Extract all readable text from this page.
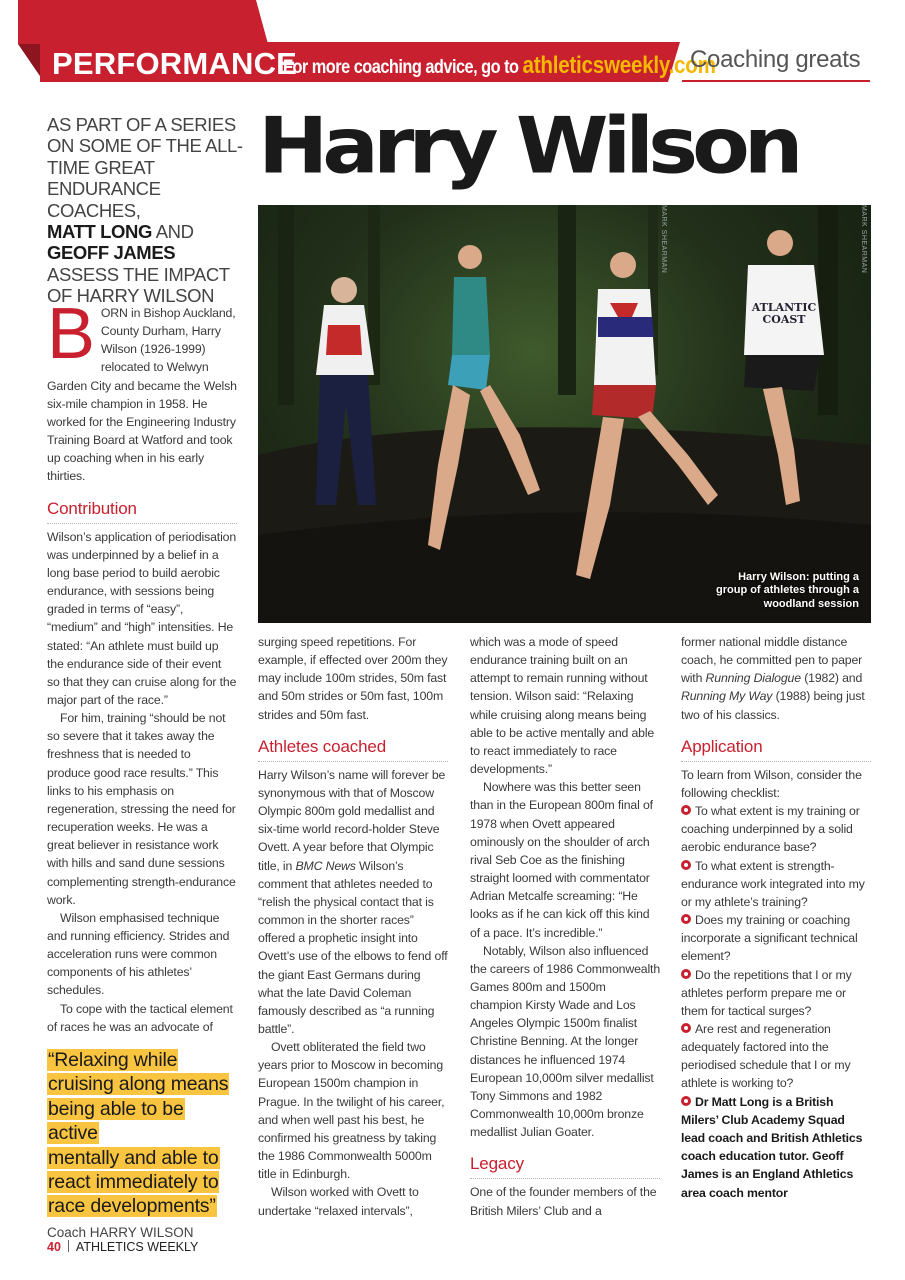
PERFORMANCE
For more coaching advice, go to athleticsweekly.com
Coaching greats
AS PART OF A SERIES ON SOME OF THE ALL-TIME GREAT ENDURANCE COACHES,
MATT LONG AND
GEOFF JAMES
ASSESS THE IMPACT OF HARRY WILSON
Harry Wilson
ATLANTIC
COAST
MARK SHEARMAN	MARK SHEARMAN
Harry Wilson: putting a group of athletes through a woodland session

BORN in Bishop Auckland, County Durham, Harry Wilson (1926-1999) relocated to Welwyn Garden City and became the Welsh six-mile champion in 1958. He worked for the Engineering Industry Training Board at Watford and took up coaching when in his early thirties.

Contribution

Wilson’s application of periodisation was underpinned by a belief in a long base period to build aerobic endurance, with sessions being graded in terms of “easy”, “medium” and “high” intensities. He stated: “An athlete must build up the endurance side of their event so that they can cruise along for the major part of the race.”

For him, training “should be not so severe that it takes away the freshness that is needed to produce good race results.” This links to his emphasis on regeneration, stressing the need for recuperation weeks. He was a great believer in resistance work with hills and sand dune sessions complementing strength-endurance work.

Wilson emphasised technique and running efficiency. Strides and acceleration runs were common components of his athletes’ schedules.

To cope with the tactical element of races he was an advocate of

“Relaxing while
cruising along means
being able to be active
mentally and able to
react immediately to
race developments”
Coach HARRY WILSON

surging speed repetitions. For example, if effected over 200m they may include 100m strides, 50m fast and 50m strides or 50m fast, 100m strides and 50m fast.

Athletes coached

Harry Wilson’s name will forever be synonymous with that of Moscow Olympic 800m gold medallist and six-time world record-holder Steve Ovett. A year before that Olympic title, in BMC News Wilson’s comment that athletes needed to “relish the physical contact that is common in the shorter races” offered a prophetic insight into Ovett’s use of the elbows to fend off the giant East Germans during what the late David Coleman famously described as “a running battle”.

Ovett obliterated the field two years prior to Moscow in becoming European 1500m champion in Prague. In the twilight of his career, and when well past his best, he confirmed his greatness by taking the 1986 Commonwealth 5000m title in Edinburgh.

Wilson worked with Ovett to undertake “relaxed intervals”,

which was a mode of speed endurance training built on an attempt to remain running without tension. Wilson said: “Relaxing while cruising along means being able to be active mentally and able to react immediately to race developments.”

Nowhere was this better seen than in the European 800m final of 1978 when Ovett appeared ominously on the shoulder of arch rival Seb Coe as the finishing straight loomed with commentator Adrian Metcalfe screaming: “He looks as if he can kick off this kind of a pace. It’s incredible.”

Notably, Wilson also influenced the careers of 1986 Commonwealth Games 800m and 1500m champion Kirsty Wade and Los Angeles Olympic 1500m finalist Christine Benning. At the longer distances he influenced 1974 European 10,000m silver medallist Tony Simmons and 1982 Commonwealth 10,000m bronze medallist Julian Goater.

Legacy

One of the founder members of the British Milers’ Club and a

former national middle distance coach, he committed pen to paper with Running Dialogue (1982) and Running My Way (1988) being just two of his classics.

Application

To learn from Wilson, consider the following checklist:

To what extent is my training or coaching underpinned by a solid aerobic endurance base?

To what extent is strength-endurance work integrated into my or my athlete’s training?

Does my training or coaching incorporate a significant technical element?

Do the repetitions that I or my athletes perform prepare me or them for tactical surges?

Are rest and regeneration adequately factored into the periodised schedule that I or my athlete is working to?

Dr Matt Long is a British Milers’ Club Academy Squad lead coach and British Athletics coach education tutor. Geoff James is an England Athletics area coach mentor

40 ATHLETICS WEEKLY
